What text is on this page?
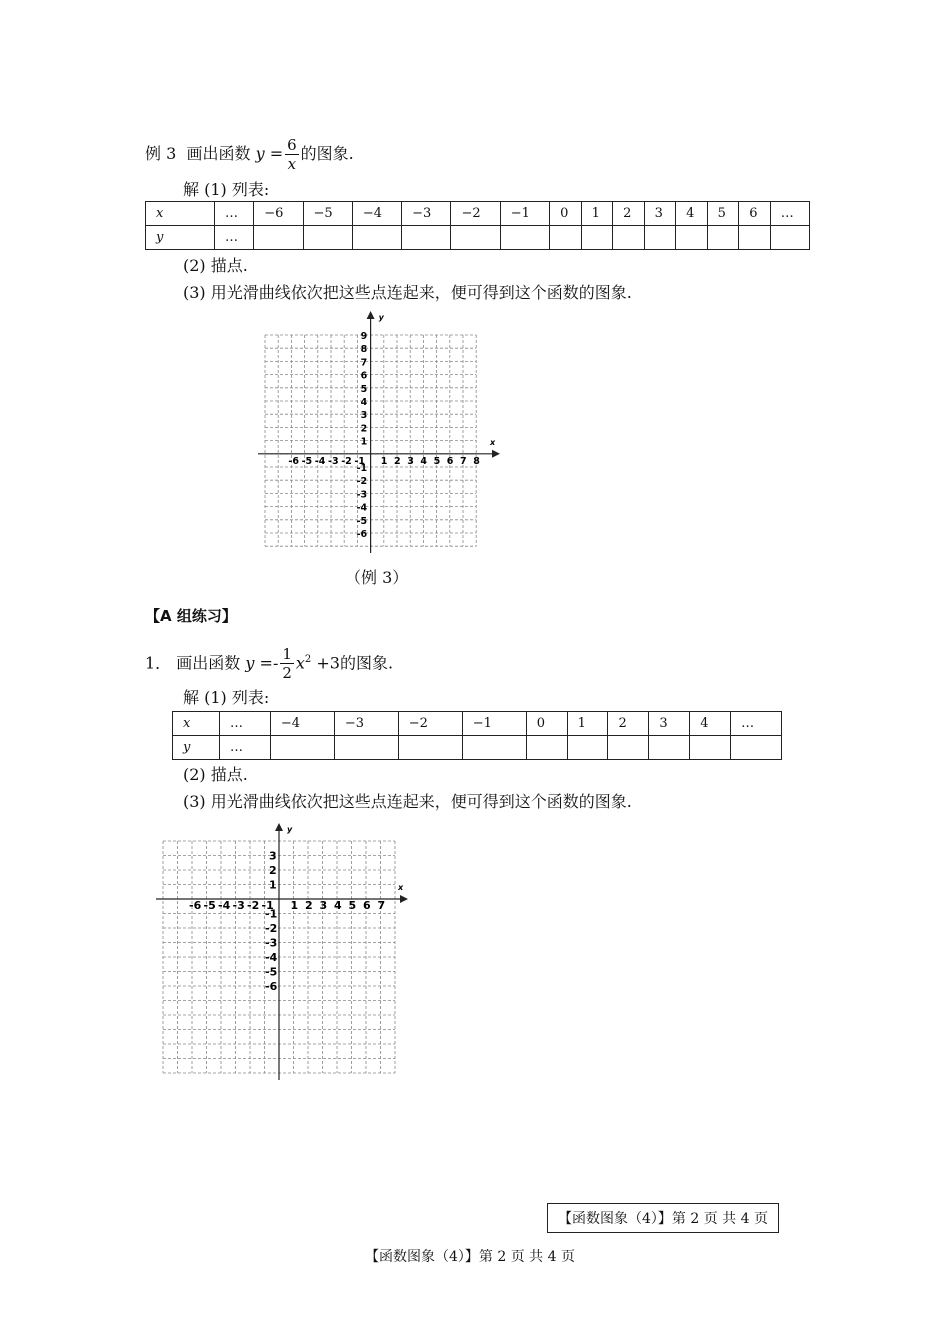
例 3 画出函数 $y = \frac{6}{x}$ 的图象.
解 (1) 列表:
x	…	−6	−5	−4	−3	−2	−1	0	1	2	3	4	5	6	…
y	…														
(2) 描点.
(3) 用光滑曲线依次把这些点连起来，便可得到这个函数的图象.
x
y
-6 -5 -4 -3 -2 -1 1 2 3 4 5 6 7 8
9
8
7
6
5
4
3
2
1
-1
-2
-3
-4
-5
-6
（例 3）
【A 组练习】
1． 画出函数 $y =- \frac{1}{2} x^2 +3$的图象.
解 (1) 列表:
x	…	−4	−3	−2	−1	0	1	2	3	4	…
y	…										
(2) 描点.
(3) 用光滑曲线依次把这些点连起来，便可得到这个函数的图象.
x
y
-6 -5 -4 -3 -2 -1 1 2 3 4 5 6 7
3
2
1
-1
-2
-3
-4
-5
-6
【函数图象（4）】第 2 页 共 4 页
【函数图象（4）】第 2 页 共 4 页
